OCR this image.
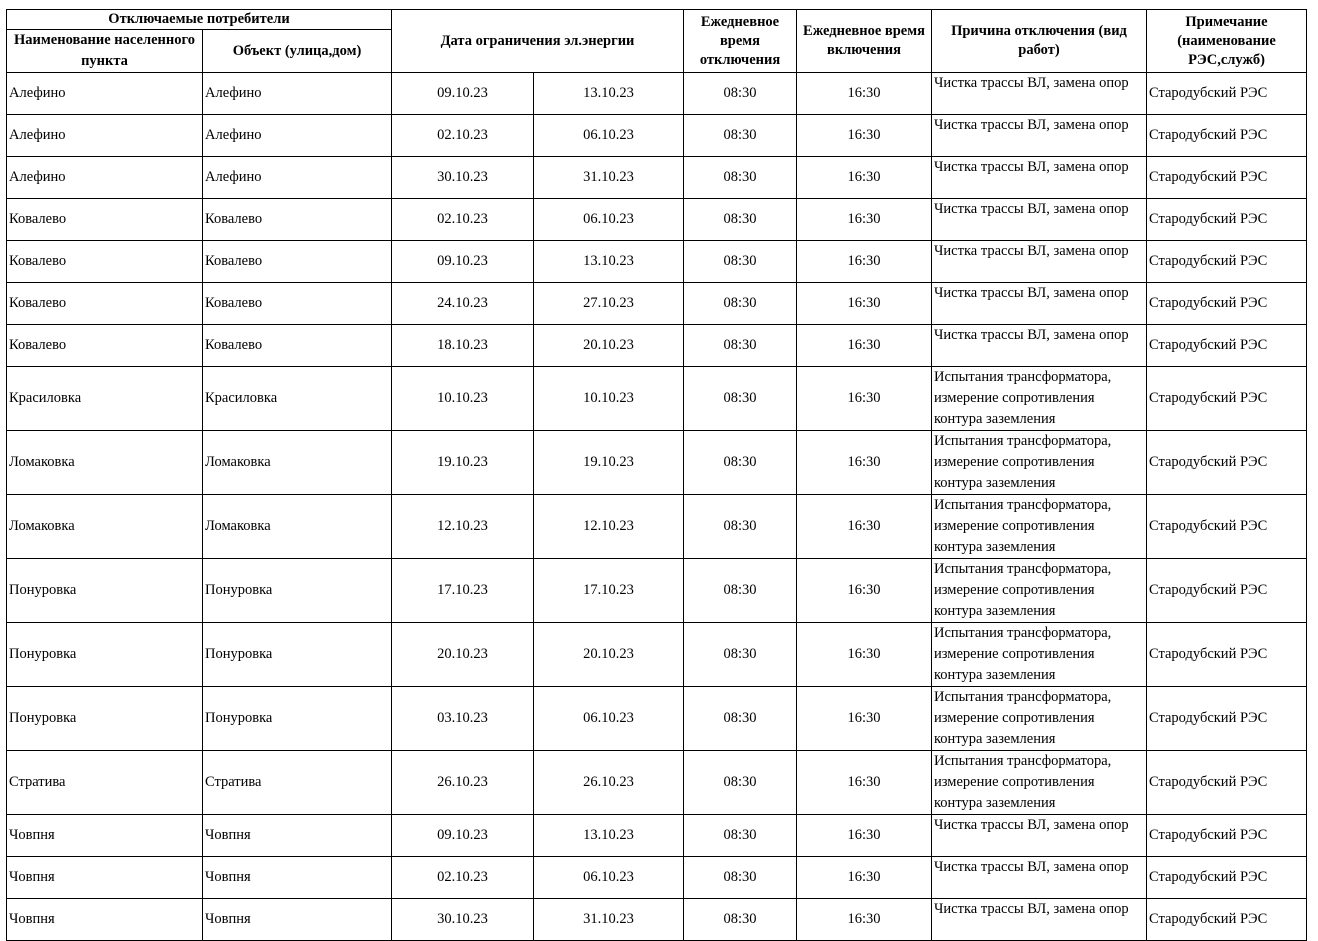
Отключаемые потребители		Дата ограничения эл.энергии		Ежедневное время отключения	Ежедневное время включения	Причина отключения (вид работ)	Примечание (наименование РЭС,служб)
Наименование населенного пункта	Объект (улица,дом)						
Алефино	Алефино	09.10.23	13.10.23	08:30	16:30	Чистка трассы ВЛ, замена опор	Стародубский РЭС
Алефино	Алефино	02.10.23	06.10.23	08:30	16:30	Чистка трассы ВЛ, замена опор	Стародубский РЭС
Алефино	Алефино	30.10.23	31.10.23	08:30	16:30	Чистка трассы ВЛ, замена опор	Стародубский РЭС
Ковалево	Ковалево	02.10.23	06.10.23	08:30	16:30	Чистка трассы ВЛ, замена опор	Стародубский РЭС
Ковалево	Ковалево	09.10.23	13.10.23	08:30	16:30	Чистка трассы ВЛ, замена опор	Стародубский РЭС
Ковалево	Ковалево	24.10.23	27.10.23	08:30	16:30	Чистка трассы ВЛ, замена опор	Стародубский РЭС
Ковалево	Ковалево	18.10.23	20.10.23	08:30	16:30	Чистка трассы ВЛ, замена опор	Стародубский РЭС
Красиловка	Красиловка	10.10.23	10.10.23	08:30	16:30	Испытания трансформатора, измерение сопротивления контура заземления	Стародубский РЭС
Ломаковка	Ломаковка	19.10.23	19.10.23	08:30	16:30	Испытания трансформатора, измерение сопротивления контура заземления	Стародубский РЭС
Ломаковка	Ломаковка	12.10.23	12.10.23	08:30	16:30	Испытания трансформатора, измерение сопротивления контура заземления	Стародубский РЭС
Понуровка	Понуровка	17.10.23	17.10.23	08:30	16:30	Испытания трансформатора, измерение сопротивления контура заземления	Стародубский РЭС
Понуровка	Понуровка	20.10.23	20.10.23	08:30	16:30	Испытания трансформатора, измерение сопротивления контура заземления	Стародубский РЭС
Понуровка	Понуровка	03.10.23	06.10.23	08:30	16:30	Испытания трансформатора, измерение сопротивления контура заземления	Стародубский РЭС
Стратива	Стратива	26.10.23	26.10.23	08:30	16:30	Испытания трансформатора, измерение сопротивления контура заземления	Стародубский РЭС
Човпня	Човпня	09.10.23	13.10.23	08:30	16:30	Чистка трассы ВЛ, замена опор	Стародубский РЭС
Човпня	Човпня	02.10.23	06.10.23	08:30	16:30	Чистка трассы ВЛ, замена опор	Стародубский РЭС
Човпня	Човпня	30.10.23	31.10.23	08:30	16:30	Чистка трассы ВЛ, замена опор	Стародубский РЭС
